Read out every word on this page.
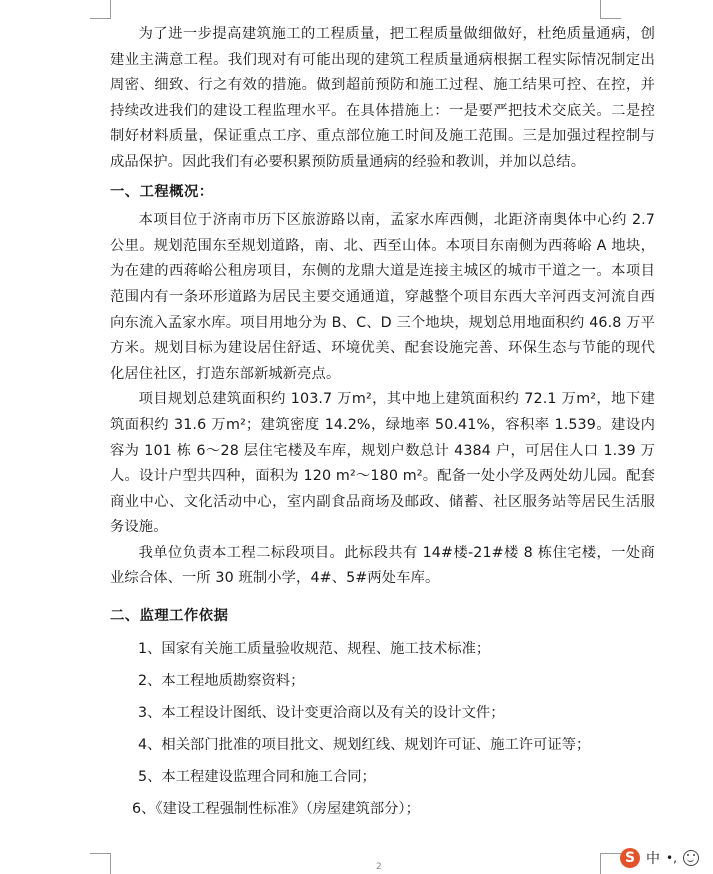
为了进一步提高建筑施工的工程质量，把工程质量做细做好，杜绝质量通病，创建业主满意工程。我们现对有可能出现的建筑工程质量通病根据工程实际情况制定出周密、细致、行之有效的措施。做到超前预防和施工过程、施工结果可控、在控，并持续改进我们的建设工程监理水平。在具体措施上：一是要严把技术交底关。二是控制好材料质量，保证重点工序、重点部位施工时间及施工范围。三是加强过程控制与成品保护。因此我们有必要积累预防质量通病的经验和教训，并加以总结。

一、工程概况：

本项目位于济南市历下区旅游路以南，孟家水库西侧，北距济南奥体中心约 2.7 公里。规划范围东至规划道路，南、北、西至山体。本项目东南侧为西蒋峪 A 地块，为在建的西蒋峪公租房项目，东侧的龙鼎大道是连接主城区的城市干道之一。本项目范围内有一条环形道路为居民主要交通通道，穿越整个项目东西大辛河西支河流自西向东流入孟家水库。项目用地分为 B、C、D 三个地块，规划总用地面积约 46.8 万平方米。规划目标为建设居住舒适、环境优美、配套设施完善、环保生态与节能的现代化居住社区，打造东部新城新亮点。

项目规划总建筑面积约 103.7 万m²，其中地上建筑面积约 72.1 万m²，地下建筑面积约 31.6 万m²；建筑密度 14.2%，绿地率 50.41%，容积率 1.539。建设内容为 101 栋 6～28 层住宅楼及车库，规划户数总计 4384 户，可居住人口 1.39 万人。设计户型共四种，面积为 120 m²～180 m²。配备一处小学及两处幼儿园。配套商业中心、文化活动中心，室内副食品商场及邮政、储蓄、社区服务站等居民生活服务设施。

我单位负责本工程二标段项目。此标段共有 14#楼-21#楼 8 栋住宅楼，一处商业综合体、一所 30 班制小学，4#、5#两处车库。

二、监理工作依据

1、国家有关施工质量验收规范、规程、施工技术标准；

2、本工程地质勘察资料；

3、本工程设计图纸、设计变更洽商以及有关的设计文件；

4、相关部门批准的项目批文、规划红线、规划许可证、施工许可证等；

5、本工程建设监理合同和施工合同；

6、《建设工程强制性标准》（房屋建筑部分）；

2
S 中 •,
